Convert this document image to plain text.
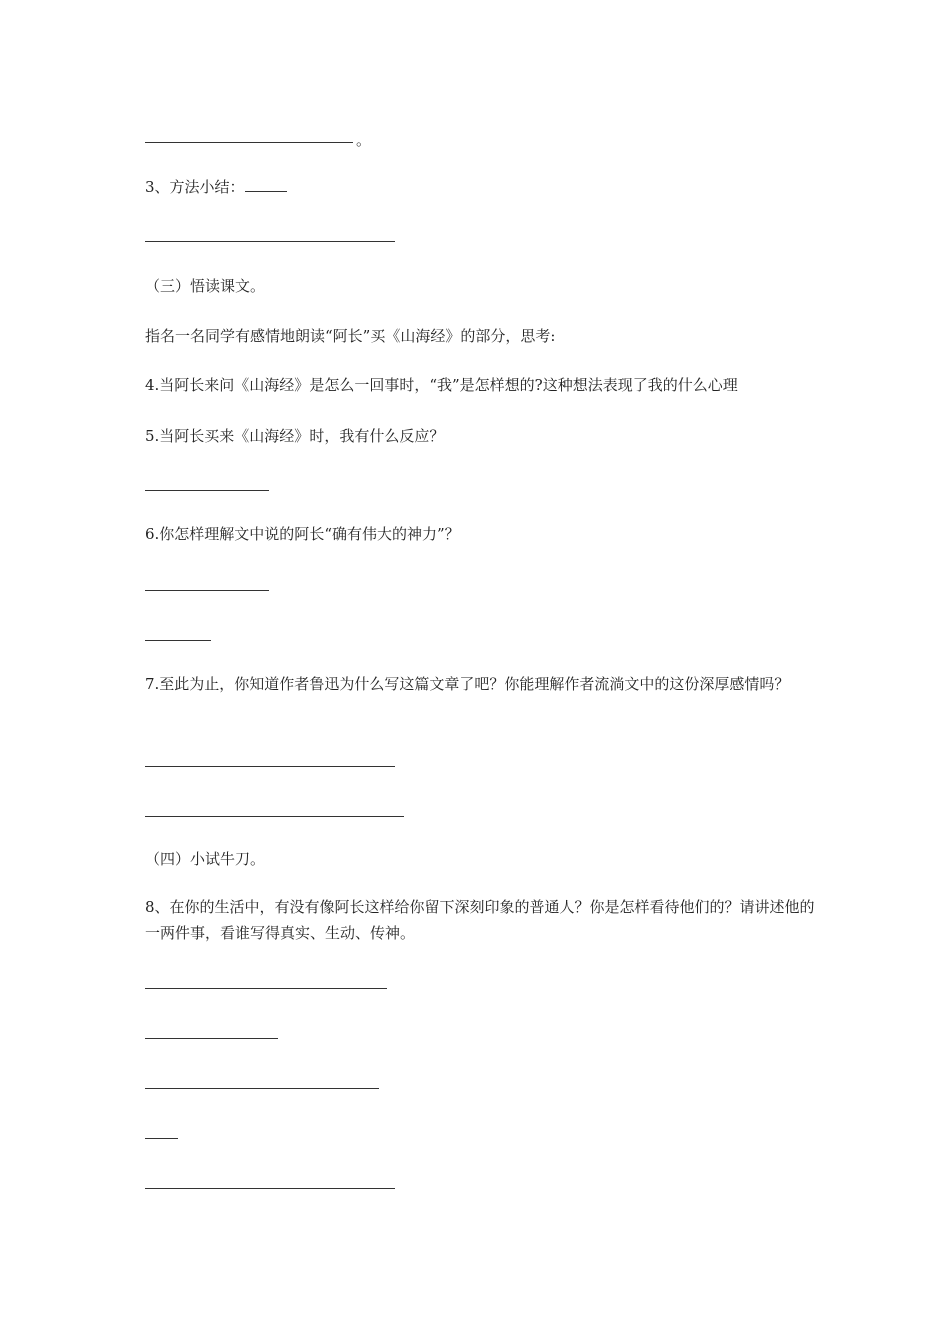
。
3、方法小结：
（三）悟读课文。
指名一名同学有感情地朗读“阿长”买《山海经》的部分，思考:
4.当阿长来问《山海经》是怎么一回事时，“我”是怎样想的?这种想法表现了我的什么心理
5.当阿长买来《山海经》时，我有什么反应？
6.你怎样理解文中说的阿长“确有伟大的神力”？
7.至此为止，你知道作者鲁迅为什么写这篇文章了吧？你能理解作者流淌文中的这份深厚感情吗？
（四）小试牛刀。
8、在你的生活中，有没有像阿长这样给你留下深刻印象的普通人？你是怎样看待他们的？请讲述他的一两件事，看谁写得真实、生动、传神。
